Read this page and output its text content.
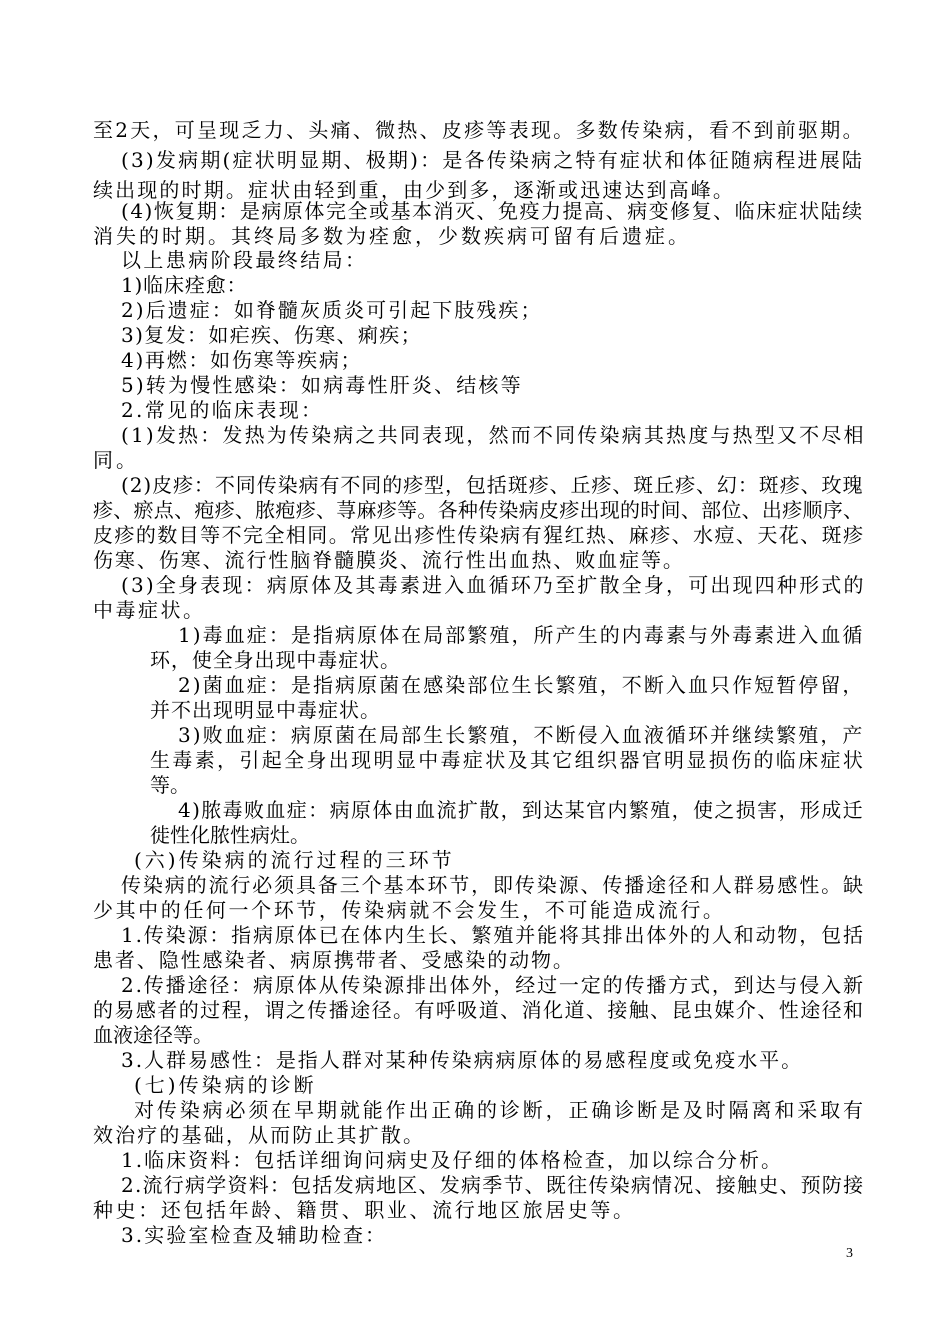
至2天，可呈现乏力、头痛、微热、皮疹等表现。多数传染病，看不到前驱期。
(3)发病期(症状明显期、极期)：是各传染病之特有症状和体征随病程进展陆
续出现的时期。症状由轻到重，由少到多，逐渐或迅速达到高峰。
(4)恢复期：是病原体完全或基本消灭、免疫力提高、病变修复、临床症状陆续
消失的时期。其终局多数为痊愈，少数疾病可留有后遗症。
以上患病阶段最终结局：
1)临床痊愈：
2)后遗症：如脊髓灰质炎可引起下肢残疾；
3)复发：如疟疾、伤寒、痢疾；
4)再燃：如伤寒等疾病；
5)转为慢性感染：如病毒性肝炎、结核等
2.常见的临床表现：
(1)发热：发热为传染病之共同表现，然而不同传染病其热度与热型又不尽相
同。
(2)皮疹：不同传染病有不同的疹型，包括斑疹、丘疹、斑丘疹、幻：斑疹、玫瑰
疹、瘀点、疱疹、脓疱疹、荨麻疹等。各种传染病皮疹出现的时间、部位、出疹顺序、
皮疹的数目等不完全相同。常见出疹性传染病有猩红热、麻疹、水痘、天花、斑疹
伤寒、伤寒、流行性脑脊髓膜炎、流行性出血热、败血症等。
(3)全身表现：病原体及其毒素进入血循环乃至扩散全身，可出现四种形式的
中毒症状。
1)毒血症：是指病原体在局部繁殖，所产生的内毒素与外毒素进入血循
环，使全身出现中毒症状。
2)菌血症：是指病原菌在感染部位生长繁殖，不断入血只作短暂停留，
并不出现明显中毒症状。
3)败血症：病原菌在局部生长繁殖，不断侵入血液循环并继续繁殖，产
生毒素，引起全身出现明显中毒症状及其它组织器官明显损伤的临床症状
等。
4)脓毒败血症：病原体由血流扩散，到达某官内繁殖，使之损害，形成迁
徙性化脓性病灶。
(六)传染病的流行过程的三环节
传染病的流行必须具备三个基本环节，即传染源、传播途径和人群易感性。缺
少其中的任何一个环节，传染病就不会发生，不可能造成流行。
1.传染源：指病原体已在体内生长、繁殖并能将其排出体外的人和动物，包括
患者、隐性感染者、病原携带者、受感染的动物。
2.传播途径：病原体从传染源排出体外，经过一定的传播方式，到达与侵入新
的易感者的过程，谓之传播途径。有呼吸道、消化道、接触、昆虫媒介、性途径和
血液途径等。
3.人群易感性：是指人群对某种传染病病原体的易感程度或免疫水平。
(七)传染病的诊断
对传染病必须在早期就能作出正确的诊断，正确诊断是及时隔离和采取有
效治疗的基础，从而防止其扩散。
1.临床资料：包括详细询问病史及仔细的体格检查，加以综合分析。
2.流行病学资料：包括发病地区、发病季节、既往传染病情况、接触史、预防接
种史：还包括年龄、籍贯、职业、流行地区旅居史等。
3.实验室检查及辅助检查：
3
